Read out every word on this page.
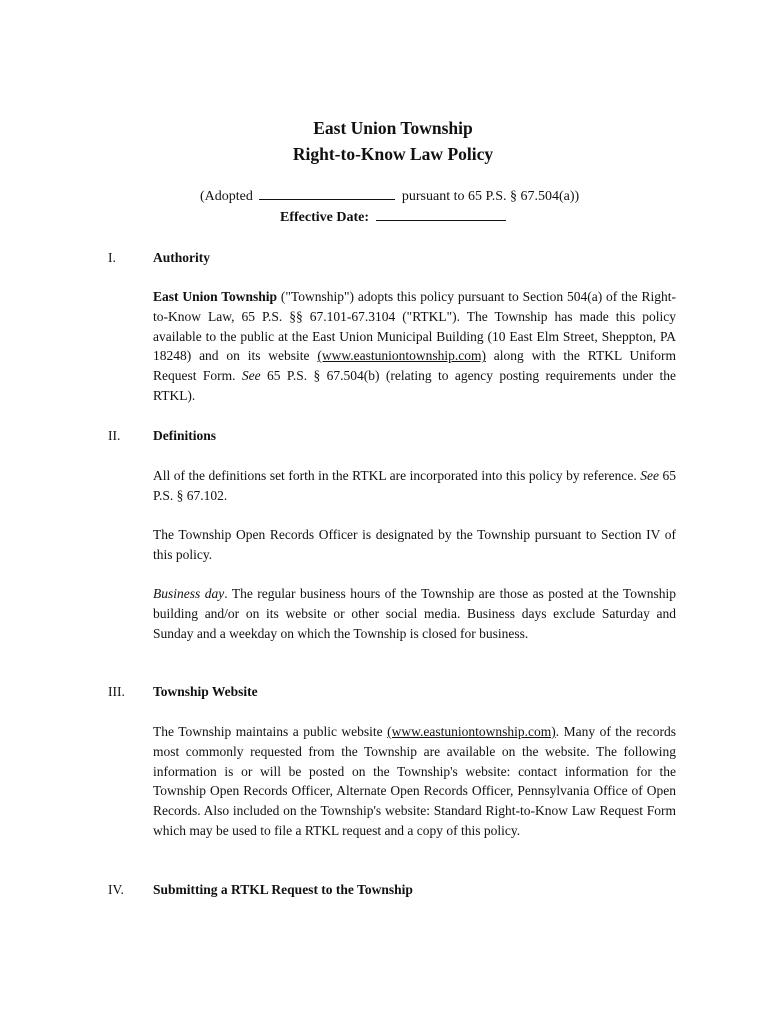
East Union Township
Right-to-Know Law Policy
(Adopted	pursuant to 65 P.S. § 67.504(a))
Effective Date:
I.	Authority
East Union Township ("Township") adopts this policy pursuant to Section 504(a) of the Right- to-Know Law, 65 P.S. §§ 67.101-67.3104 ("RTKL"). The Township has made this policy available to the public at the East Union Municipal Building (10 East Elm Street, Sheppton, PA 18248) and on its website (www.eastuniontownship.com) along with the RTKL Uniform Request Form. See 65 P.S. § 67.504(b) (relating to agency posting requirements under the RTKL).
II. Definitions
All of the definitions set forth in the RTKL are incorporated into this policy by reference. See 65 P.S. § 67.102.
The Township Open Records Officer is designated by the Township pursuant to Section IV of this policy.
Business day. The regular business hours of the Township are those as posted at the Township building and/or on its website or other social media. Business days exclude Saturday and Sunday and a weekday on which the Township is closed for business.
III. Township Website
The Township maintains a public website (www.eastuniontownship.com). Many of the records most commonly requested from the Township are available on the website. The following information is or will be posted on the Township's website: contact information for the Township Open Records Officer, Alternate Open Records Officer, Pennsylvania Office of Open Records. Also included on the Township's website: Standard Right-to-Know Law Request Form which may be used to file a RTKL request and a copy of this policy.
IV. Submitting a RTKL Request to the Township
